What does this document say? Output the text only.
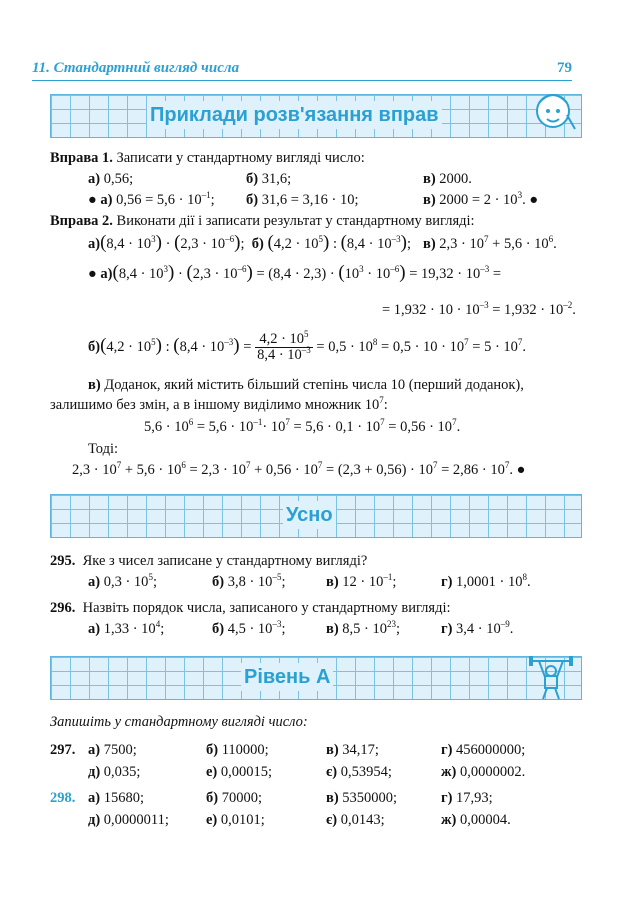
11. Стандартний вигляд числа	79
Приклади розв'язання вправ
Вправа 1. Записати у стандартному вигляді число:
а) 0,56;	б) 31,6;	в) 2000.
● а) $0,56 = 5,6 \cdot 10^{-1}$; б) 31,6 = 3,16 · 10;	в) $2000 = 2 \cdot 10^3$. ●
Вправа 2. Виконати дії і записати результат у стандартному вигляді:
$а)(8,4 \cdot 10^3) \cdot (2,3 \cdot 10^{-6})$;  б) $(4,2 \cdot 10^5)$ : $(8,4 \cdot 10^{-3})$; в) $2,3 \cdot 10^7 + 5,6 \cdot 10^6$.
● $а)(8,4 \cdot 10^3) \cdot (2,3 \cdot 10^{-6}) = (8,4 \cdot 2,3) \cdot (10^3 \cdot 10^{-6}) = 19,32 \cdot 10^{-3}$ =
= $1,932 \cdot 10 \cdot 10^{-3} = 1,932 \cdot 10^{-2}$.
$б)(4,2 \cdot 10^5)$ : $(8,4 \cdot 10^{-3}) = \frac{4,2 \cdot 10^5}{8,4 \cdot 10^{-3}} = 0,5 \cdot 10^8 = 0,5 \cdot 10 \cdot 10^7 = 5 \cdot 10^7$.
в) Доданок, який містить більший степінь числа 10 (перший доданок),
залишимо без змін, а в іншому виділимо множник $10^7$:
$5,6 \cdot 10^6 = 5,6 \cdot 10^{-1}\cdot 10^7 = 5,6 \cdot 0,1 \cdot 10^7 = 0,56 \cdot 10^7$.
Тоді:
$2,3 \cdot 10^7 + 5,6 \cdot 10^6 = 2,3 \cdot 10^7 + 0,56 \cdot 10^7 = (2,3 + 0,56) \cdot 10^7 = 2,86 \cdot 10^7$. ●
Усно
295. Яке з чисел записане у стандартному вигляді?
а) $0,3 \cdot 10^5$;	б) $3,8 \cdot 10^{-5}$;	в) $12 \cdot 10^{-1}$;	г) $1,0001 \cdot 10^8$.
296. Назвіть порядок числа, записаного у стандартному вигляді:
а) $1,33 \cdot 10^4$;	б) $4,5 \cdot 10^{-3}$;	в) $8,5 \cdot 10^{23}$;	г) $3,4 \cdot 10^{-9}$.
Рівень А
Запишіть у стандартному вигляді число:
297. а) 7500;	б) 110000;	в) 34,17;	г) 456000000;
д) 0,035;	е) 0,00015;	є) 0,53954;	ж) 0,0000002.
298. а) 15680;	б) 70000;	в) 5350000;	г) 17,93;
д) 0,0000011;	е) 0,0101;	є) 0,0143;	ж) 0,00004.
